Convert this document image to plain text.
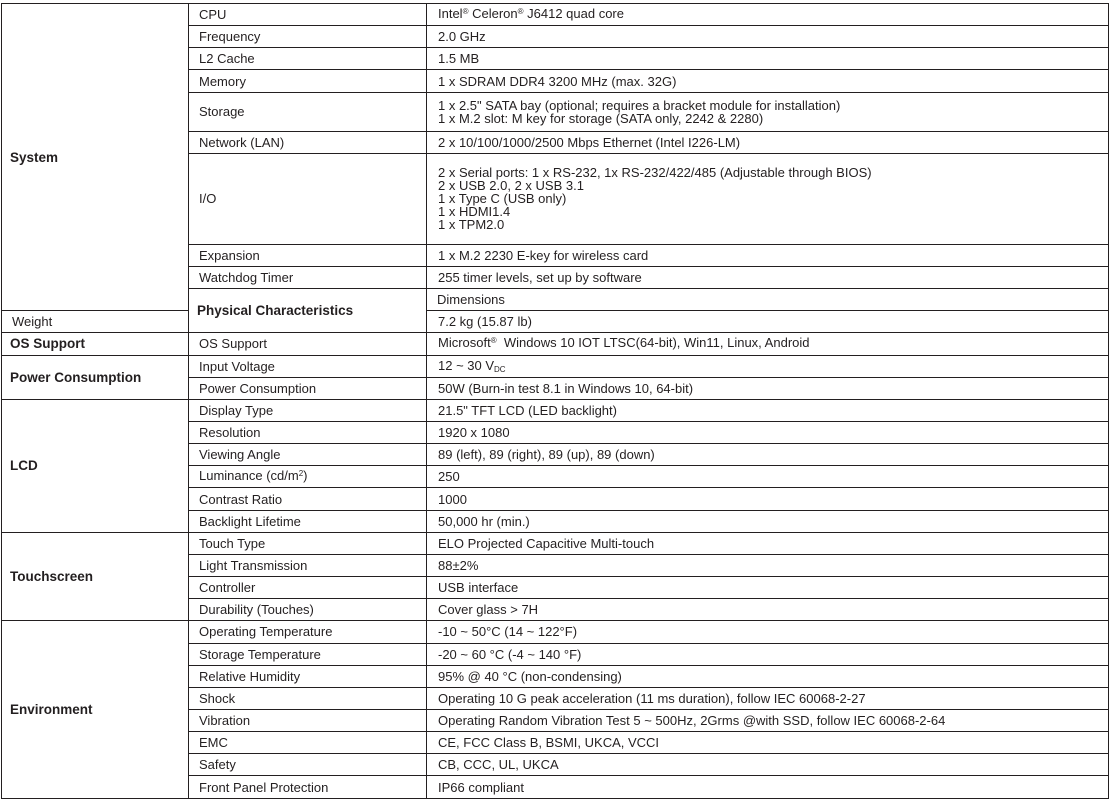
System	CPU	Intel® Celeron® J6412 quad core	
	Frequency	2.0 GHz	
	L2 Cache	1.5 MB	
	Memory	1 x SDRAM DDR4 3200 MHz (max. 32G)	
	Storage	1 x 2.5" SATA bay (optional; requires a bracket module for installation)
1 x M.2 slot: M key for storage (SATA only, 2242 & 2280)	

	Network (LAN)	2 x 10/100/1000/2500 Mbps Ethernet (Intel I226-LM)	
	I/O	2 x Serial ports: 1 x RS-232, 1x RS-232/422/485 (Adjustable through BIOS)
2 x USB 2.0, 2 x USB 3.1
1 x Type C (USB only)
1 x HDMI1.4
1 x TPM2.0	

	Expansion	1 x M.2 2230 E-key for wireless card	
	Watchdog Timer	255 timer levels, set up by software	
	Physical Characteristics	Dimensions	
Weight		7.2 kg (15.87 lb)	
OS Support	OS Support	Microsoft®  Windows 10 IOT LTSC(64-bit), Win11, Linux, Android	
Power Consumption	Input Voltage	12 ~ 30 $V_{DC}$
	Power Consumption	50W (Burn-in test 8.1 in Windows 10, 64-bit)	
LCD	Display Type	21.5" TFT LCD (LED backlight)	
	Resolution	1920 x 1080	
	Viewing Angle	89 (left), 89 (right), 89 (up), 89 (down)	
	Luminance $(cd/m^2)$	250	
	Contrast Ratio	1000	
	Backlight Lifetime	50,000 hr (min.)	
Touchscreen	Touch Type	ELO Projected Capacitive Multi-touch	
	Light Transmission	88±2%	
	Controller	USB interface	
	Durability (Touches)	Cover glass > 7H	
Environment	Operating Temperature	-10 ~ 50°C (14 ~ 122°F)	
	Storage Temperature	-20 ~ 60 °C (-4 ~ 140 °F)	
	Relative Humidity	95% @ 40 °C (non-condensing)	
	Shock	Operating 10 G peak acceleration (11 ms duration), follow IEC 60068-2-27	
	Vibration	Operating Random Vibration Test 5 ~ 500Hz, 2Grms @with SSD, follow IEC 60068-2-64	
	EMC	CE, FCC Class B, BSMI, UKCA, VCCI	
	Safety	CB, CCC, UL, UKCA	
	Front Panel Protection	IP66 compliant	
